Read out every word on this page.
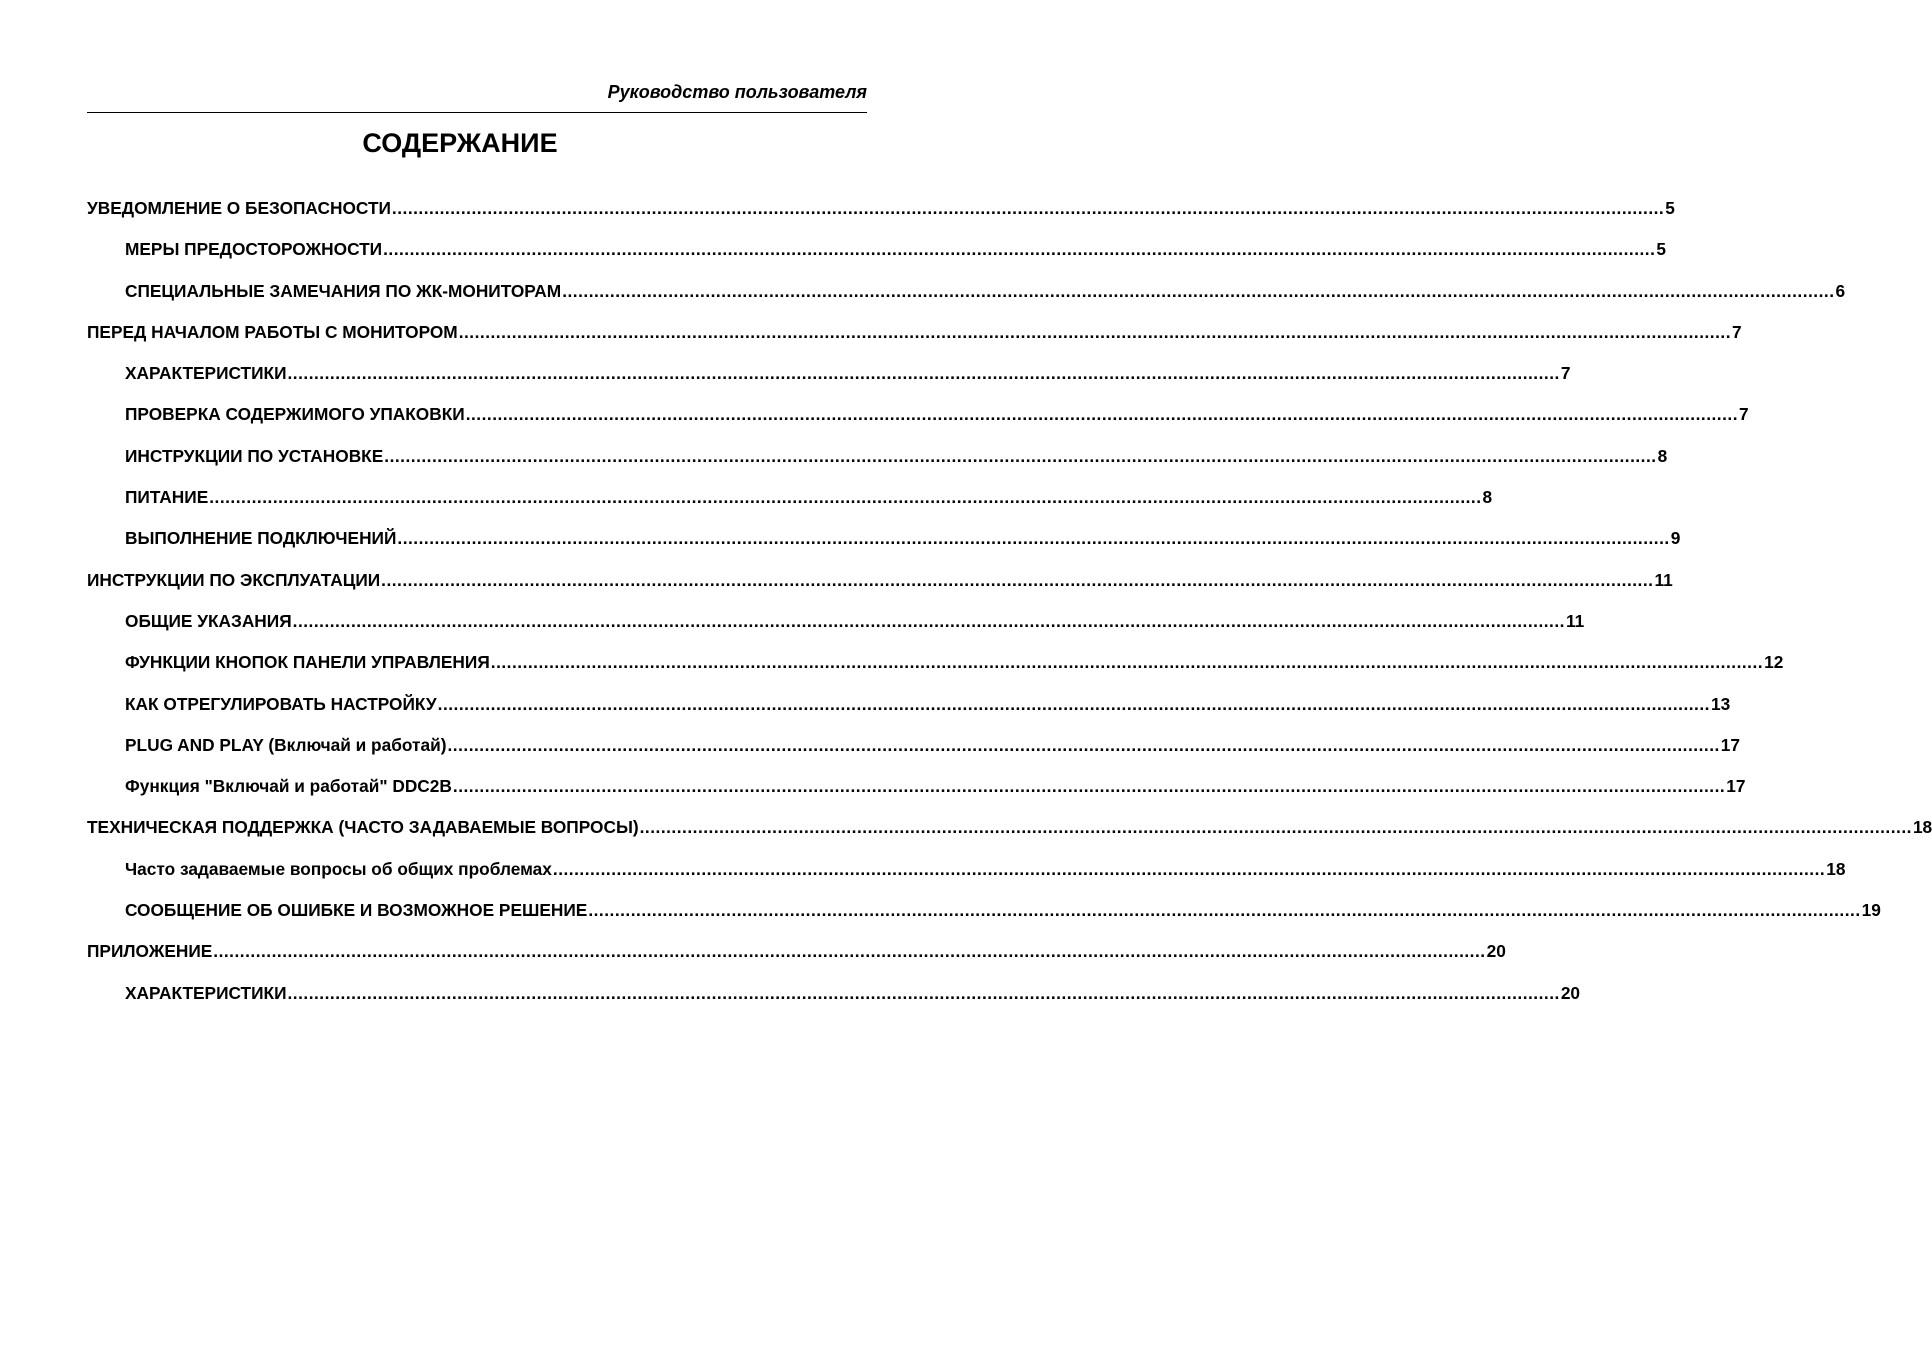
Руководство пользователя
СОДЕРЖАНИЕ
УВЕДОМЛЕНИЕ О БЕЗОПАСНОСТИ ................................................................................................................................................................................................................................................ 5
МЕРЫ ПРЕДОСТОРОЖНОСТИ ................................................................................................................................................................................................................................................ 5
СПЕЦИАЛЬНЫЕ ЗАМЕЧАНИЯ ПО ЖК-МОНИТОРАМ ................................................................................................................................................................................................................................................ 6
ПЕРЕД НАЧАЛОМ РАБОТЫ С МОНИТОРОМ ................................................................................................................................................................................................................................................ 7
ХАРАКТЕРИСТИКИ ................................................................................................................................................................................................................................................ 7
ПРОВЕРКА СОДЕРЖИМОГО УПАКОВКИ ................................................................................................................................................................................................................................................ 7
ИНСТРУКЦИИ ПО УСТАНОВКЕ ................................................................................................................................................................................................................................................ 8
ПИТАНИЕ ................................................................................................................................................................................................................................................ 8
ВЫПОЛНЕНИЕ ПОДКЛЮЧЕНИЙ ................................................................................................................................................................................................................................................ 9
ИНСТРУКЦИИ ПО ЭКСПЛУАТАЦИИ ................................................................................................................................................................................................................................................ 11
ОБЩИЕ УКАЗАНИЯ ................................................................................................................................................................................................................................................ 11
ФУНКЦИИ КНОПОК ПАНЕЛИ УПРАВЛЕНИЯ ................................................................................................................................................................................................................................................ 12
КАК ОТРЕГУЛИРОВАТЬ НАСТРОЙКУ ................................................................................................................................................................................................................................................ 13
PLUG AND PLAY (Включай и работай) ................................................................................................................................................................................................................................................ 17
Функция "Включай и работай" DDC2B ................................................................................................................................................................................................................................................ 17
ТЕХНИЧЕСКАЯ ПОДДЕРЖКА (ЧАСТО ЗАДАВАЕМЫЕ ВОПРОСЫ) ................................................................................................................................................................................................................................................ 18
Часто задаваемые вопросы об общих проблемах ................................................................................................................................................................................................................................................ 18
СООБЩЕНИЕ ОБ ОШИБКЕ И ВОЗМОЖНОЕ РЕШЕНИЕ ................................................................................................................................................................................................................................................ 19
ПРИЛОЖЕНИЕ ................................................................................................................................................................................................................................................ 20
ХАРАКТЕРИСТИКИ ................................................................................................................................................................................................................................................ 20
